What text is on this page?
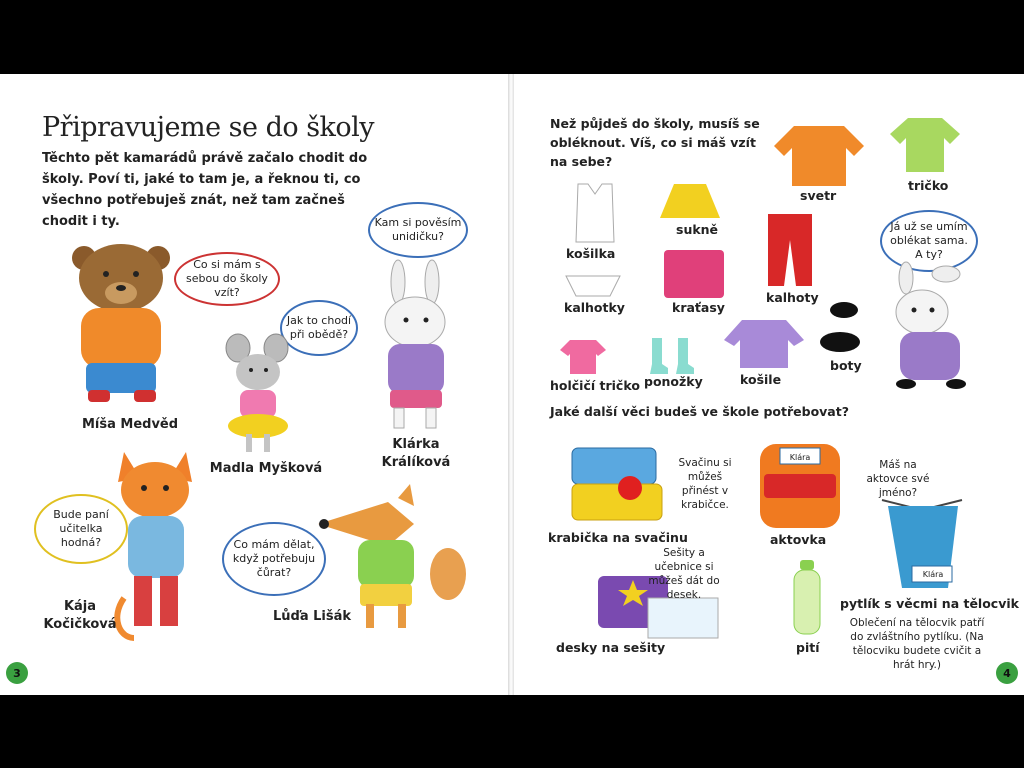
Připravujeme se do školy
Těchto pět kamarádů právě začalo chodit do školy. Poví ti, jaké to tam je, a řeknou ti, co všechno potřebuješ znát, než tam začneš chodit i ty.
Co si mám s sebou do školy vzít?
Míša Medvěd
Kam si pověsím unidičku?
Klárka Králíková
Jak to chodí při obědě?
Madla Myšková
Bude paní učitelka hodná?
Kája
Kočičková
Co mám dělat, když potřebuju čůrat?
Lůďa Lišák
3
Než půjdeš do školy, musíš se obléknout. Víš, co si máš vzít na sebe?
košilka
sukně
svetr
tričko
kalhotky	kraťasy
kalhoty
holčičí tričko ponožky	košile
boty
Já už se umím oblékat sama. A ty?
Jaké další věci budeš ve škole potřebovat?
Svačinu si můžeš přinést v krabičce.
krabička na svačinu
Klára
Máš na aktovce své jméno?
aktovka
Sešity a učebnice si můžeš dát do desek.
desky na sešity	pití
Klára
pytlík s věcmi na tělocvik
Oblečení na tělocvik patří do zvláštního pytlíku. (Na tělocviku budete cvičit a hrát hry.)
4
